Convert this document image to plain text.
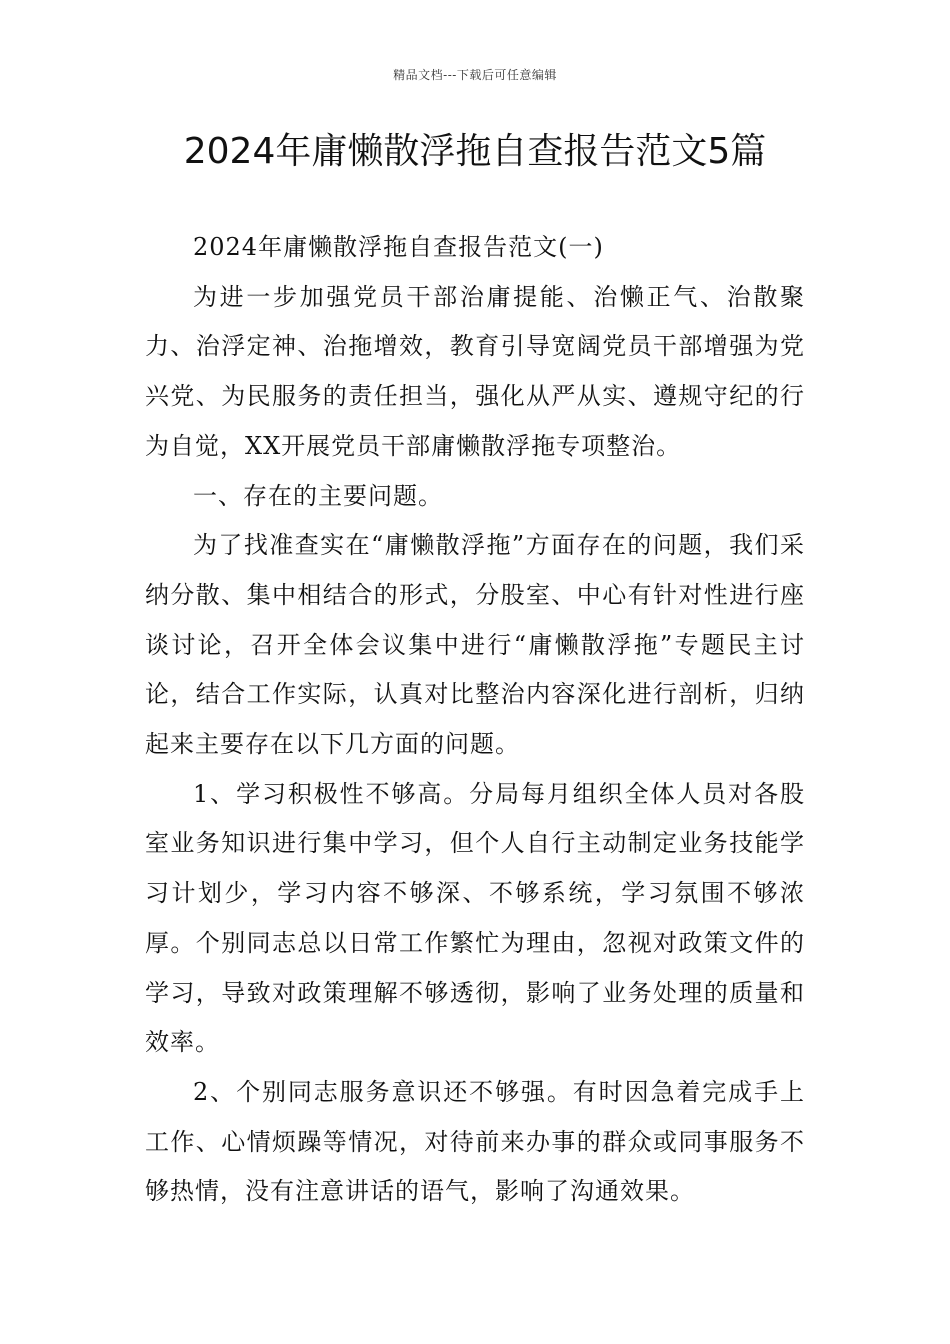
精品文档---下载后可任意编辑
2024年庸懒散浮拖自查报告范文5篇

2024年庸懒散浮拖自查报告范文(一)

为进一步加强党员干部治庸提能、治懒正气、治散聚力、治浮定神、治拖增效，教育引导宽阔党员干部增强为党兴党、为民服务的责任担当，强化从严从实、遵规守纪的行为自觉，XX开展党员干部庸懒散浮拖专项整治。

一、存在的主要问题。

为了找准查实在“庸懒散浮拖”方面存在的问题，我们采纳分散、集中相结合的形式，分股室、中心有针对性进行座谈讨论，召开全体会议集中进行“庸懒散浮拖”专题民主讨论，结合工作实际，认真对比整治内容深化进行剖析，归纳起来主要存在以下几方面的问题。

1、学习积极性不够高。分局每月组织全体人员对各股室业务知识进行集中学习，但个人自行主动制定业务技能学习计划少，学习内容不够深、不够系统，学习氛围不够浓厚。个别同志总以日常工作繁忙为理由，忽视对政策文件的学习，导致对政策理解不够透彻，影响了业务处理的质量和效率。

2、个别同志服务意识还不够强。有时因急着完成手上工作、心情烦躁等情况，对待前来办事的群众或同事服务不够热情，没有注意讲话的语气，影响了沟通效果。
